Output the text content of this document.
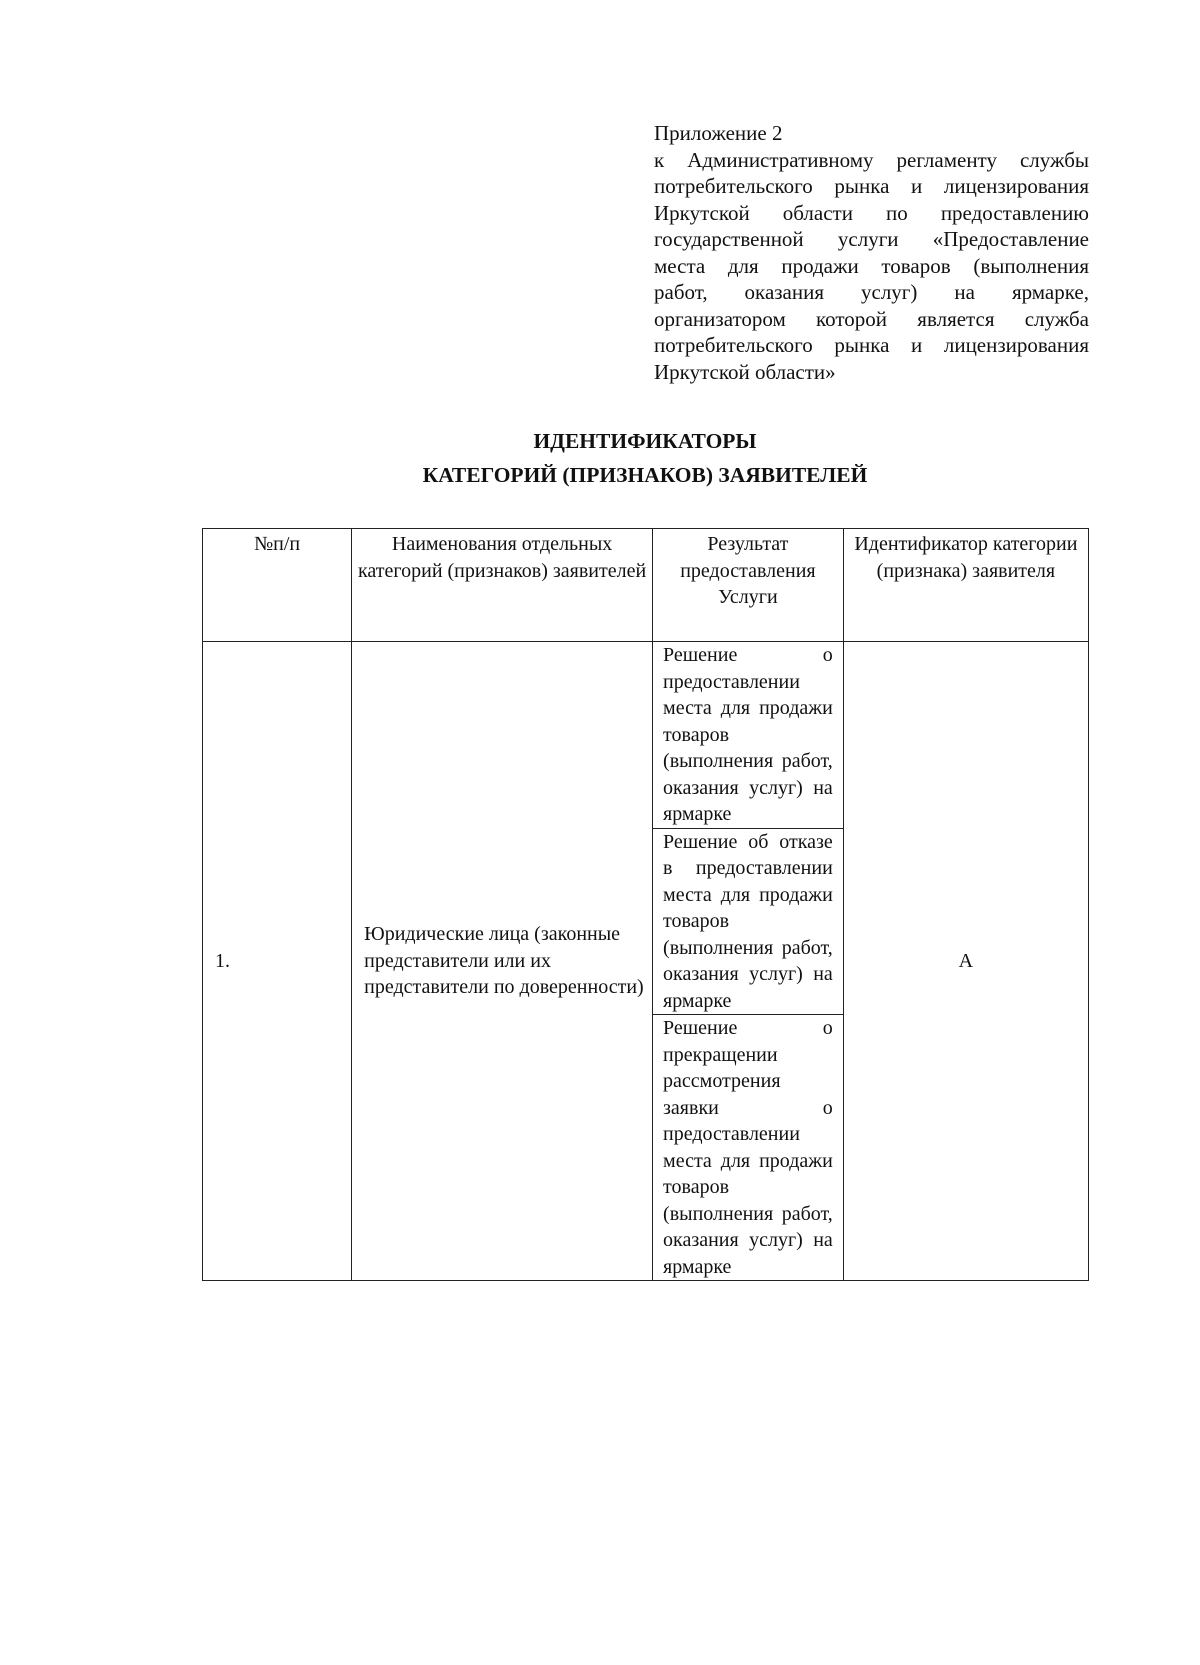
Приложение 2
к Административному регламенту службы
потребительского рынка и лицензирования
Иркутской области по предоставлению
государственной услуги «Предоставление
места для продажи товаров (выполнения
работ, оказания услуг) на ярмарке,
организатором которой является служба
потребительского рынка и лицензирования
Иркутской области»
ИДЕНТИФИКАТОРЫ
КАТЕГОРИЙ (ПРИЗНАКОВ) ЗАЯВИТЕЛЕЙ
№п/п	Наименования отдельных категорий (признаков) заявителей	Результат предоставления Услуги	Идентификатор категории (признака) заявителя
1.	Юридические лица (законные представители или их представители по доверенности)	Решение о предоставлении места для продажи товаров (выполнения работ, оказания услуг) на ярмарке
Решение об отказе в предоставлении места для продажи товаров (выполнения работ, оказания услуг) на ярмарке
Решение о прекращении рассмотрения заявки о предоставлении места для продажи товаров (выполнения работ, оказания услуг) на ярмарке	А
